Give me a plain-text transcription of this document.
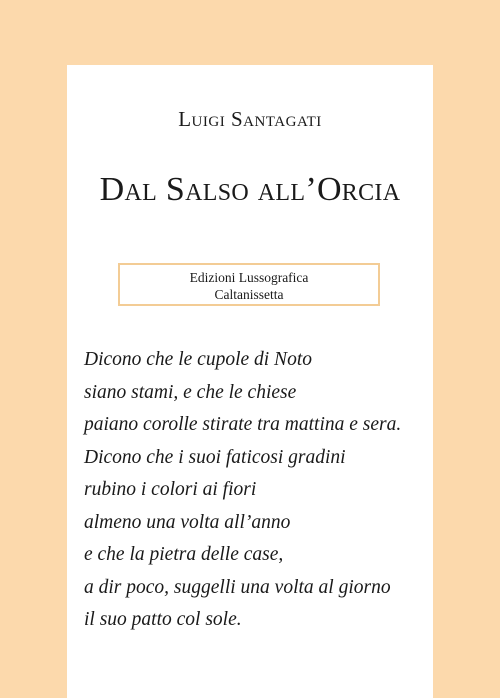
Luigi Santagati
Dal Salso all’Orcia
Edizioni Lussografica
Caltanissetta
Dicono che le cupole di Noto
siano stami, e che le chiese
paiano corolle stirate tra mattina e sera.
Dicono che i suoi faticosi gradini
rubino i colori ai fiori
almeno una volta all’anno
e che la pietra delle case,
a dir poco, suggelli una volta al giorno
il suo patto col sole.
